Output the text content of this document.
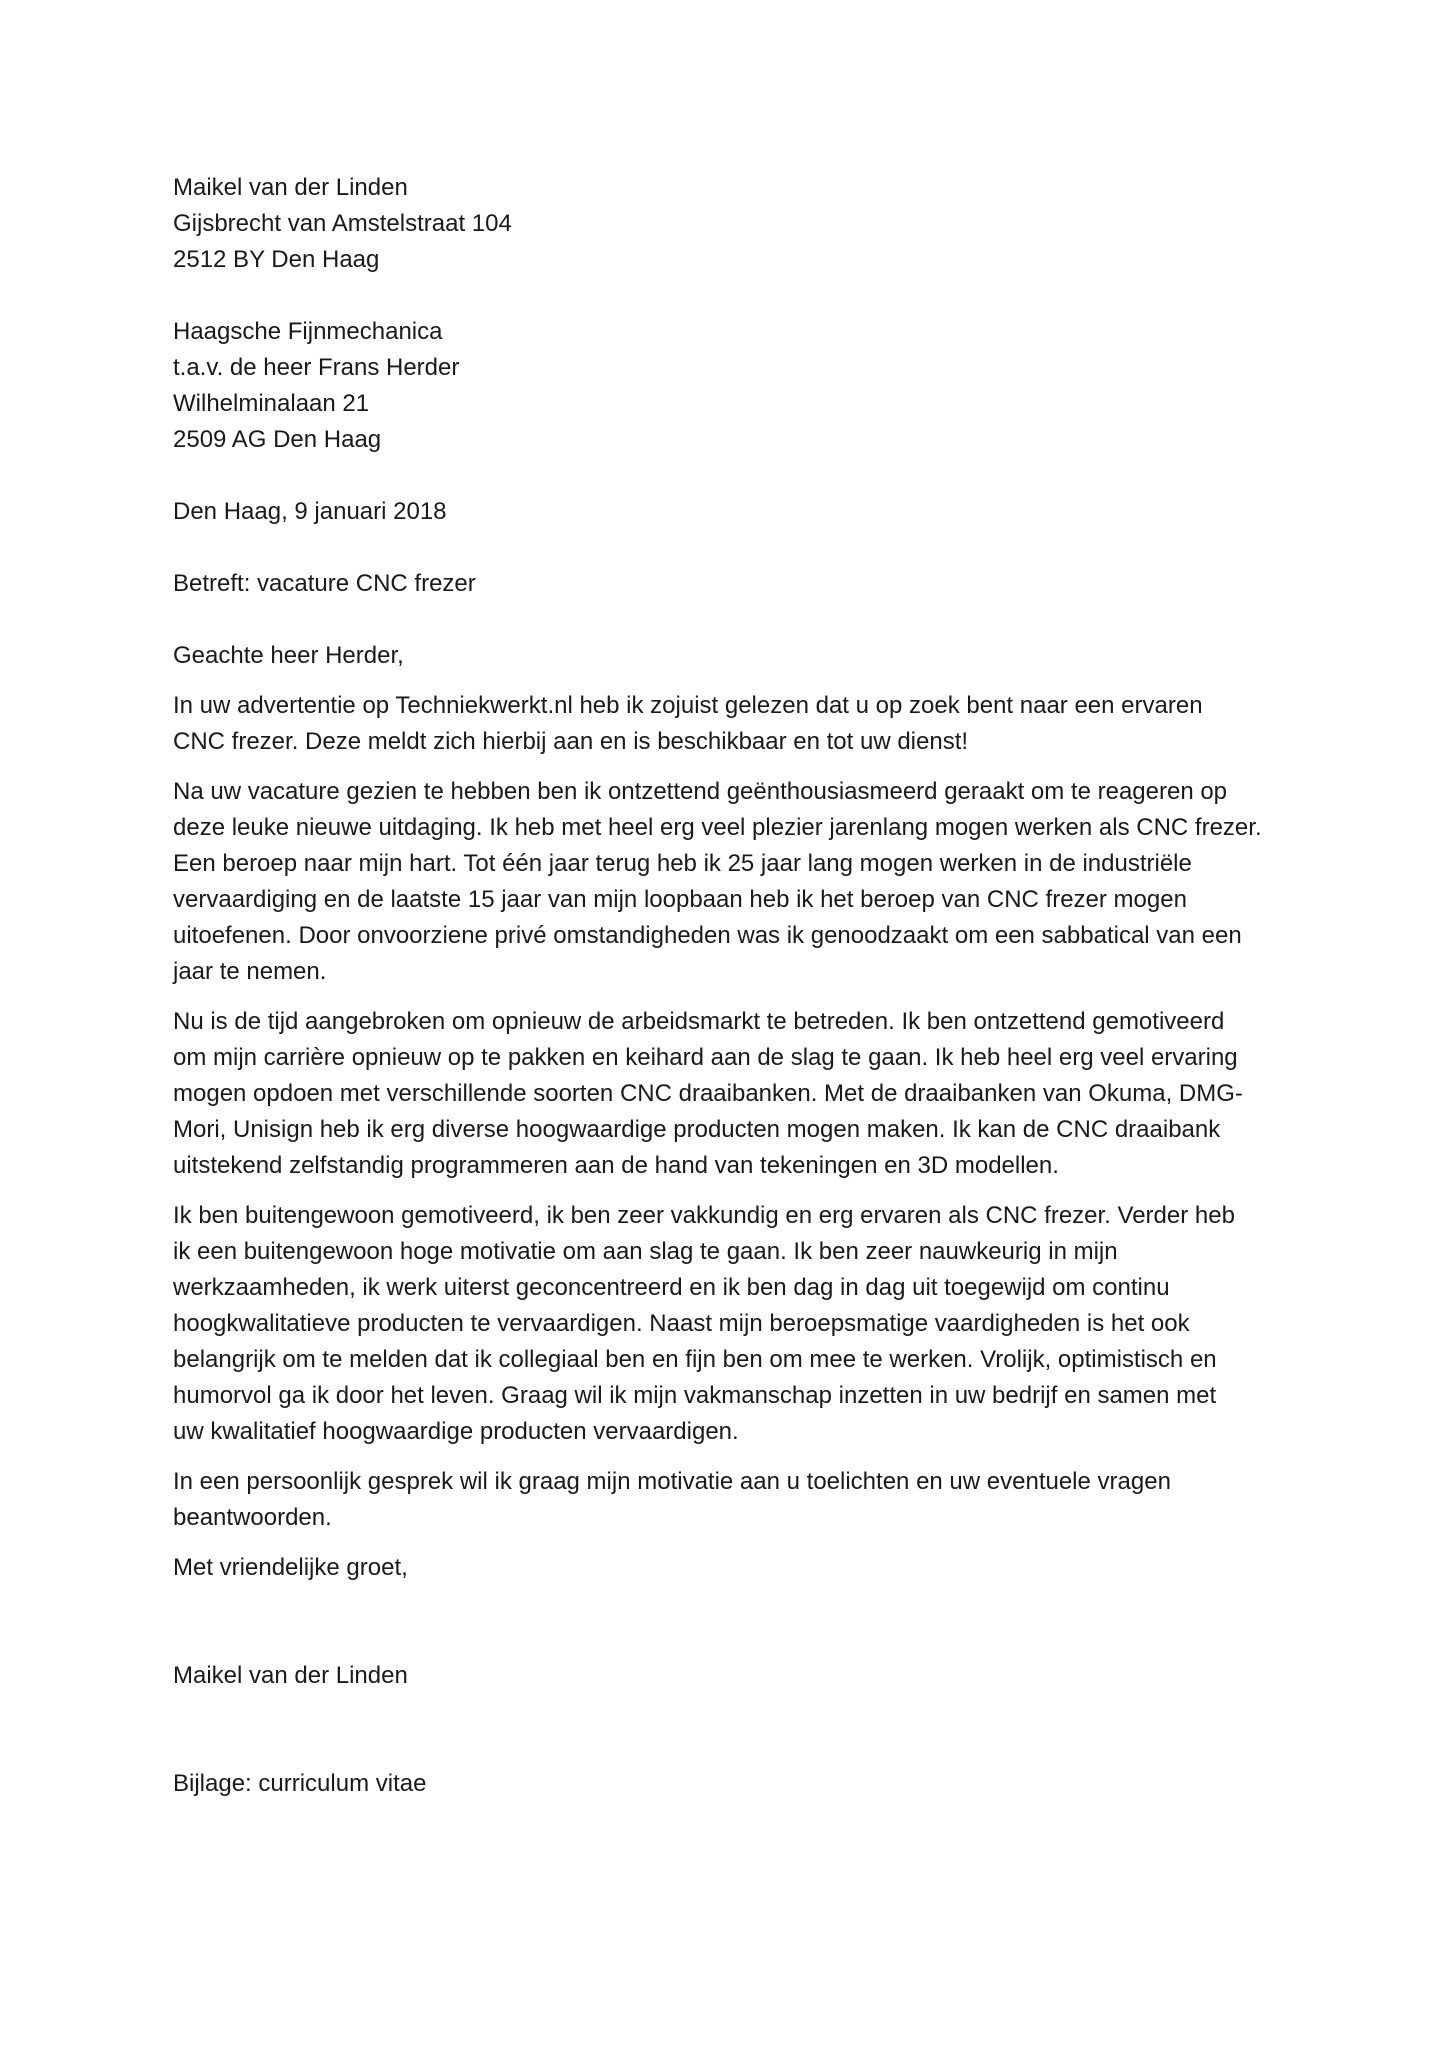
Maikel van der Linden
Gijsbrecht van Amstelstraat 104
2512 BY Den Haag
Haagsche Fijnmechanica
t.a.v. de heer Frans Herder
Wilhelminalaan 21
2509 AG Den Haag
Den Haag, 9 januari 2018
Betreft: vacature CNC frezer
Geachte heer Herder,
In uw advertentie op Techniekwerkt.nl heb ik zojuist gelezen dat u op zoek bent naar een ervaren
CNC frezer. Deze meldt zich hierbij aan en is beschikbaar en tot uw dienst!
Na uw vacature gezien te hebben ben ik ontzettend geënthousiasmeerd geraakt om te reageren op
deze leuke nieuwe uitdaging. Ik heb met heel erg veel plezier jarenlang mogen werken als CNC frezer.
Een beroep naar mijn hart. Tot één jaar terug heb ik 25 jaar lang mogen werken in de industriële
vervaardiging en de laatste 15 jaar van mijn loopbaan heb ik het beroep van CNC frezer mogen
uitoefenen. Door onvoorziene privé omstandigheden was ik genoodzaakt om een sabbatical van een
jaar te nemen.
Nu is de tijd aangebroken om opnieuw de arbeidsmarkt te betreden. Ik ben ontzettend gemotiveerd
om mijn carrière opnieuw op te pakken en keihard aan de slag te gaan. Ik heb heel erg veel ervaring
mogen opdoen met verschillende soorten CNC draaibanken. Met de draaibanken van Okuma, DMG-
Mori, Unisign heb ik erg diverse hoogwaardige producten mogen maken. Ik kan de CNC draaibank
uitstekend zelfstandig programmeren aan de hand van tekeningen en 3D modellen.
Ik ben buitengewoon gemotiveerd, ik ben zeer vakkundig en erg ervaren als CNC frezer. Verder heb
ik een buitengewoon hoge motivatie om aan slag te gaan. Ik ben zeer nauwkeurig in mijn
werkzaamheden, ik werk uiterst geconcentreerd en ik ben dag in dag uit toegewijd om continu
hoogkwalitatieve producten te vervaardigen. Naast mijn beroepsmatige vaardigheden is het ook
belangrijk om te melden dat ik collegiaal ben en fijn ben om mee te werken. Vrolijk, optimistisch en
humorvol ga ik door het leven. Graag wil ik mijn vakmanschap inzetten in uw bedrijf en samen met
uw kwalitatief hoogwaardige producten vervaardigen.
In een persoonlijk gesprek wil ik graag mijn motivatie aan u toelichten en uw eventuele vragen
beantwoorden.
Met vriendelijke groet,
Maikel van der Linden
Bijlage: curriculum vitae
